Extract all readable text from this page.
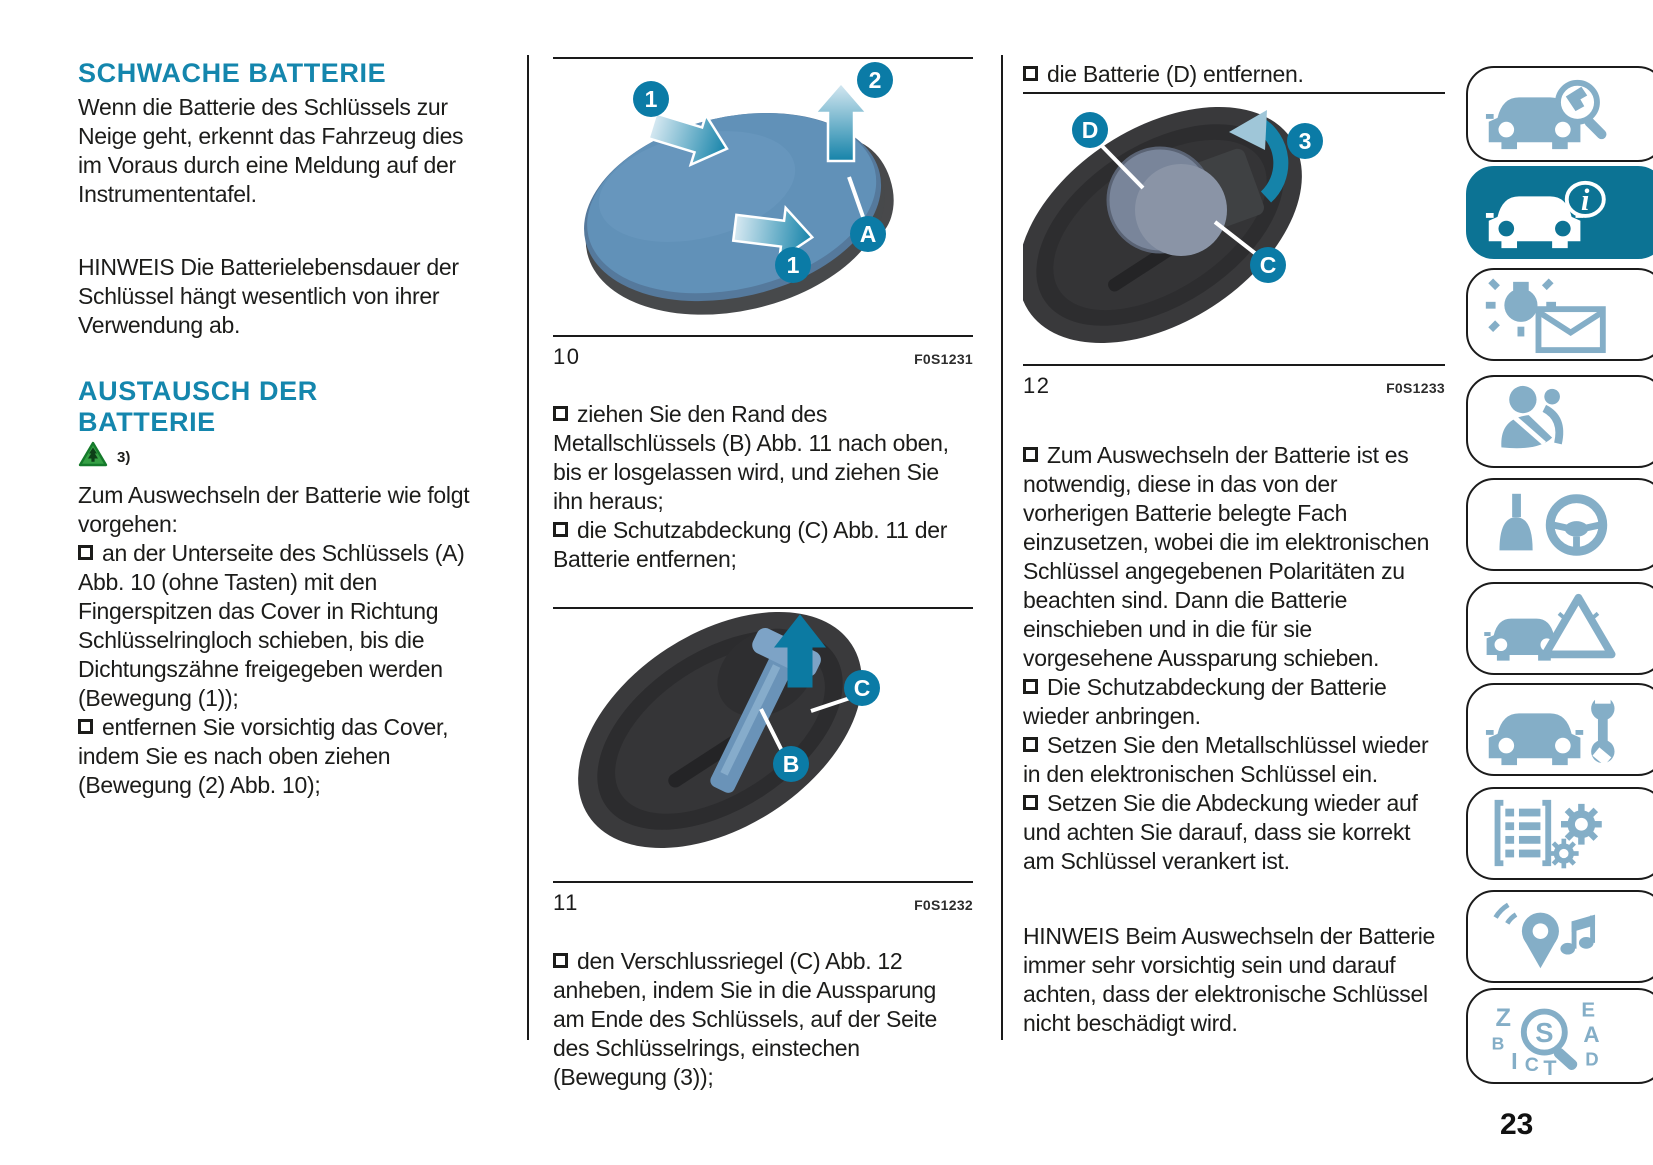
SCHWACHE BATTERIE

Wenn die Batterie des Schlüssels zur Neige geht, erkennt das Fahrzeug dies im Voraus durch eine Meldung auf der Instrumententafel.

HINWEIS Die Batterielebensdauer der Schlüssel hängt wesentlich von ihrer Verwendung ab.

AUSTAUSCH DER BATTERIE
3)

Zum Auswechseln der Batterie wie folgt vorgehen:

an der Unterseite des Schlüssels (A) Abb. 10 (ohne Tasten) mit den Fingerspitzen das Cover in Richtung Schlüsselringloch schieben, bis die Dichtungszähne freigegeben werden (Bewegung (1));

entfernen Sie vorsichtig das Cover, indem Sie es nach oben ziehen (Bewegung (2) Abb. 10);

1
2
1
A
10	F0S1231

ziehen Sie den Rand des Metallschlüssels (B) Abb. 11 nach oben, bis er losgelassen wird, und ziehen Sie ihn heraus;

die Schutzabdeckung (C) Abb. 11 der Batterie entfernen;

C
B
11	F0S1232

den Verschlussriegel (C) Abb. 12 anheben, indem Sie in die Aussparung am Ende des Schlüssels, auf der Seite des Schlüsselrings, einstechen (Bewegung (3));

die Batterie (D) entfernen.

D	3
C
12	F0S1233

Zum Auswechseln der Batterie ist es notwendig, diese in das von der vorherigen Batterie belegte Fach einzusetzen, wobei die im elektronischen Schlüssel angegebenen Polaritäten zu beachten sind. Dann die Batterie einschieben und in die für sie vorgesehene Aussparung schieben.

Die Schutzabdeckung der Batterie wieder anbringen.

Setzen Sie den Metallschlüssel wieder in den elektronischen Schlüssel ein.

Setzen Sie die Abdeckung wieder auf und achten Sie darauf, dass sie korrekt am Schlüssel verankert ist.

HINWEIS Beim Auswechseln der Batterie immer sehr vorsichtig sein und darauf achten, dass der elektronische Schlüssel nicht beschädigt wird.

i
Z	E
B	A
I C T D
S
23
